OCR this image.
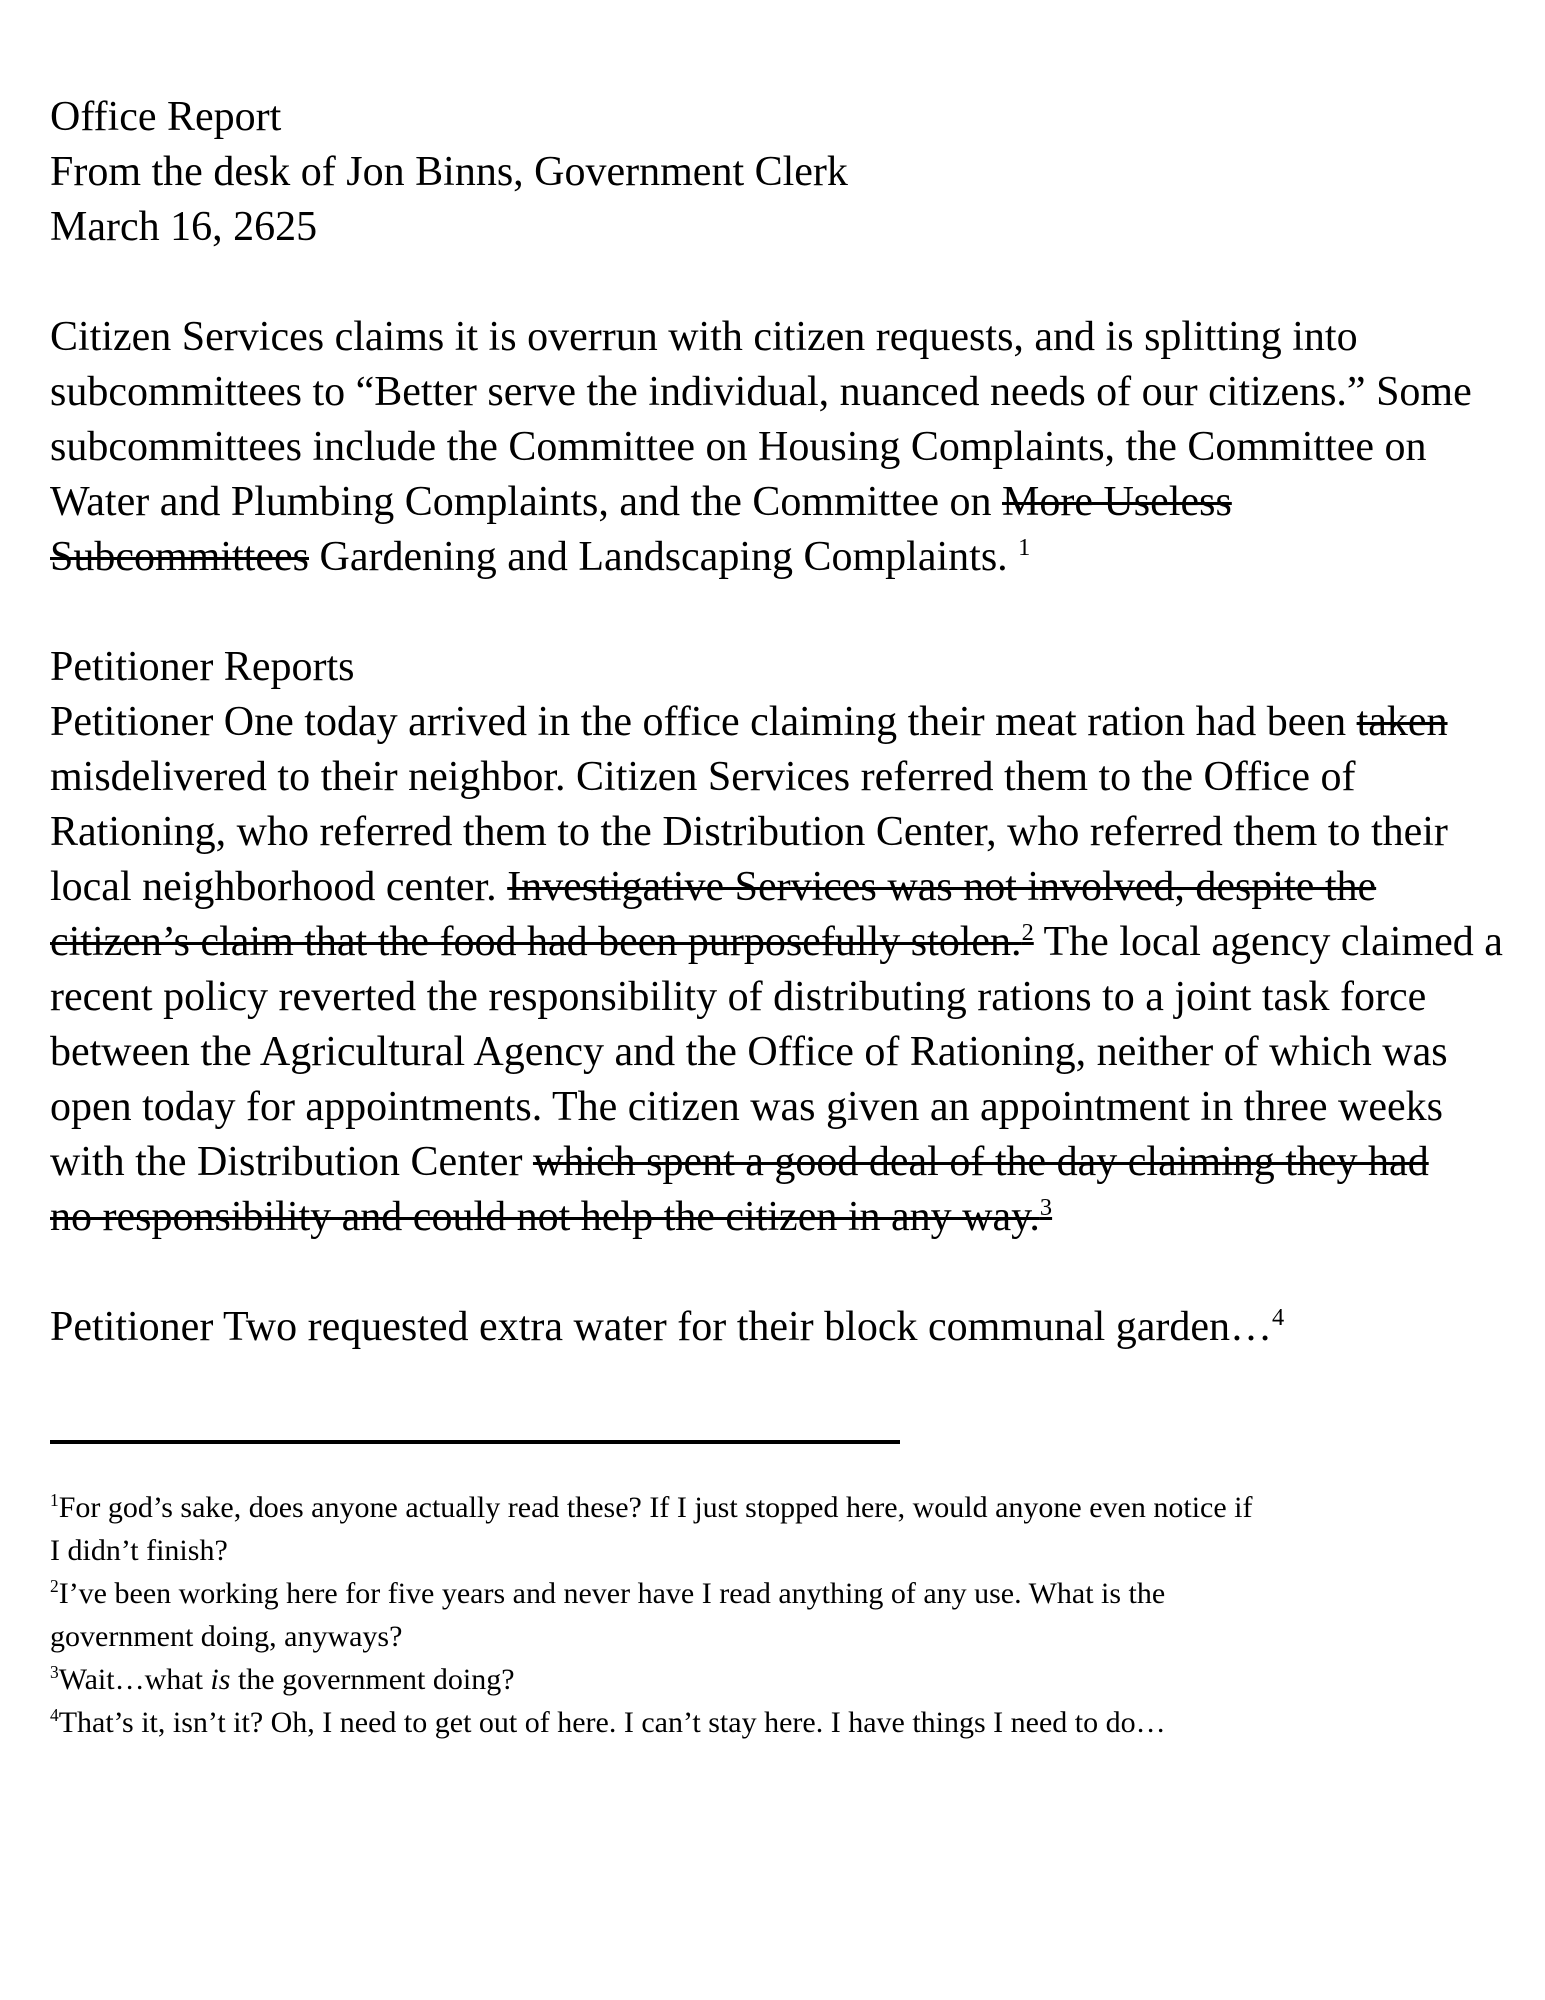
Office Report
From the desk of Jon Binns, Government Clerk
March 16, 2625
Citizen Services claims it is overrun with citizen requests, and is splitting into
subcommittees to “Better serve the individual, nuanced needs of our citizens.” Some
subcommittees include the Committee on Housing Complaints, the Committee on
Water and Plumbing Complaints, and the Committee on More Useless
Subcommittees Gardening and Landscaping Complaints. $^1$
Petitioner Reports
Petitioner One today arrived in the office claiming their meat ration had been taken
misdelivered to their neighbor. Citizen Services referred them to the Office of
Rationing, who referred them to the Distribution Center, who referred them to their
local neighborhood center. Investigative Services was not involved, despite the
citizen’s claim that the food had been purposefully stolen.$^2$ The local agency claimed a
recent policy reverted the responsibility of distributing rations to a joint task force
between the Agricultural Agency and the Office of Rationing, neither of which was
open today for appointments. The citizen was given an appointment in three weeks
with the Distribution Center which spent a good deal of the day claiming they had
no responsibility and could not help the citizen in any way.$^3$
Petitioner Two requested extra water for their block communal garden…$^4$
$^1$For god’s sake, does anyone actually read these? If I just stopped here, would anyone even notice if
I didn’t finish?
$^2$I’ve been working here for five years and never have I read anything of any use. What is the
government doing, anyways?
$^3$Wait…what is the government doing?
$^4$That’s it, isn’t it? Oh, I need to get out of here. I can’t stay here. I have things I need to do…
